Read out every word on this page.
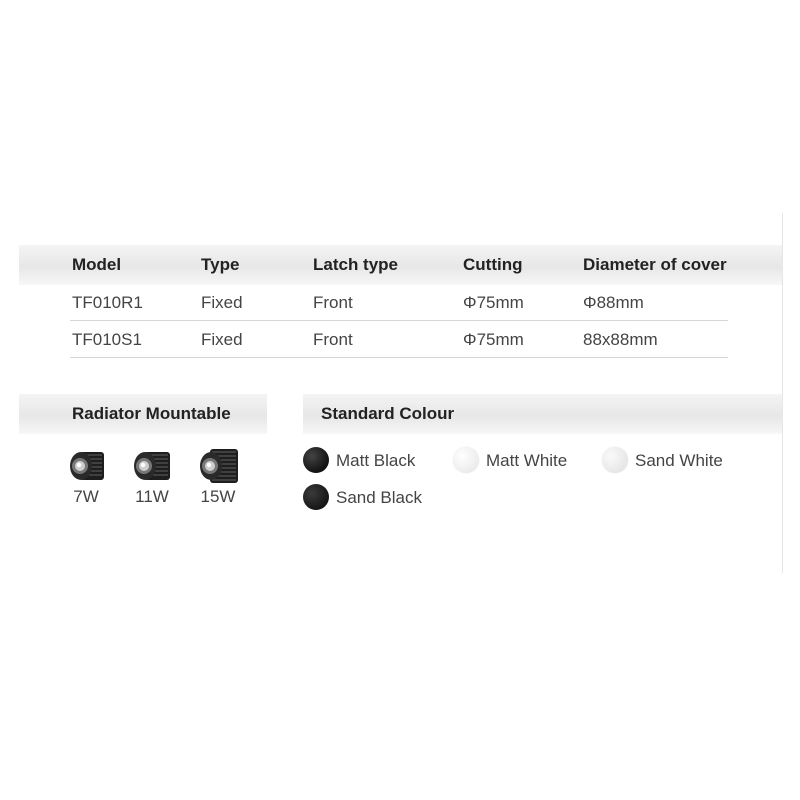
Model	Type	Latch type	Cutting	Diameter of cover
TF010R1	Fixed	Front	Φ75mm	Φ88mm
TF010S1	Fixed	Front	Φ75mm	88x88mm
Radiator Mountable
7W	11W	15W
Standard Colour
Matt Black	Matt White	Sand White
Sand Black
